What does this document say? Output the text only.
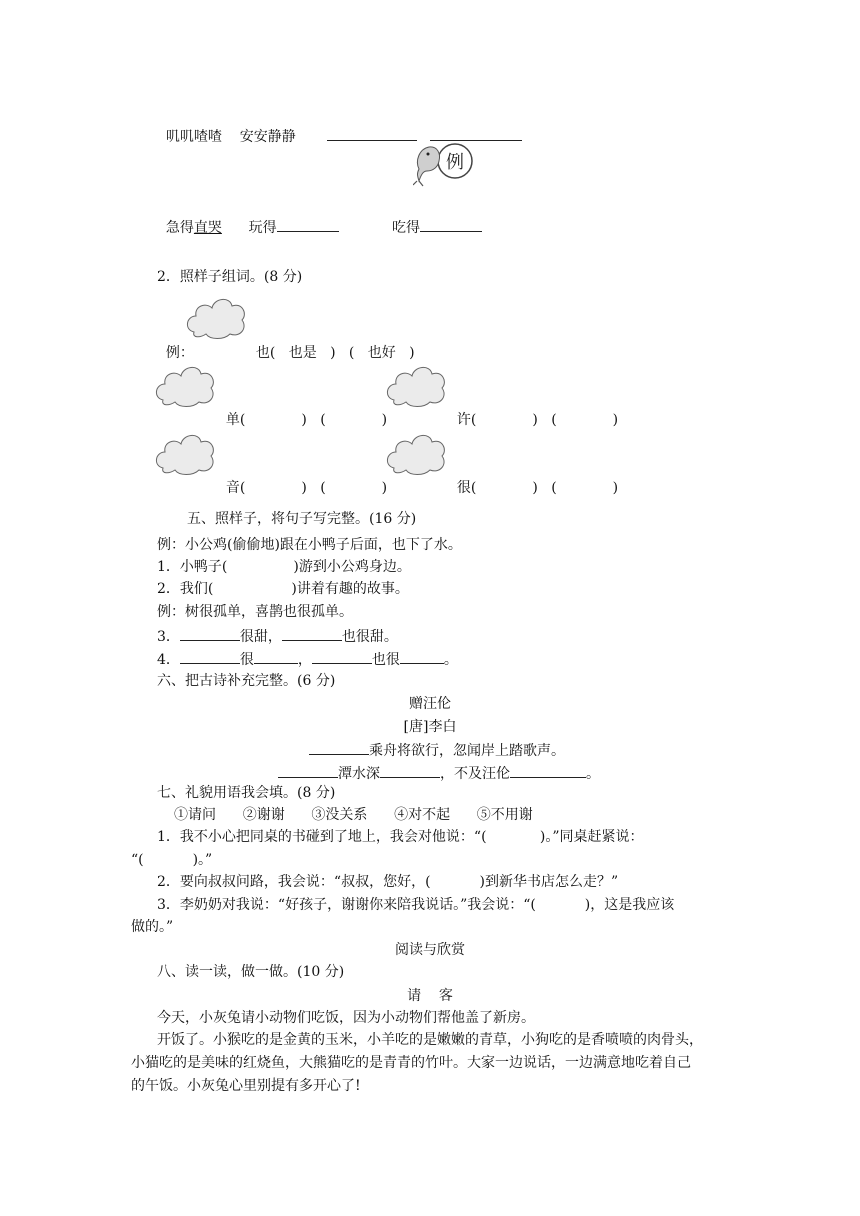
叽叽喳喳 安安静静

例

急得直哭 玩得	吃得

2．照样子组词。(8 分)

例：	也( 也是 )   ( 也好 )

单(	)   (	)	许(	)   (	)

音(	)   (	)	很(	)   (	)

五、照样子，将句子写完整。(16 分)
例：小公鸡(偷偷地)跟在小鸭子后面，也下了水。
1．小鸭子(	)游到小公鸡身边。
2．我们(	)讲着有趣的故事。
例：树很孤单，喜鹊也很孤单。
3．	很甜，	也很甜。
4．	很	，	也很	。
六、把古诗补充完整。(6 分)
赠汪伦
[唐]李白
乘舟将欲行，忽闻岸上踏歌声。
潭水深	，不及汪伦	。
七、礼貌用语我会填。(8 分)
①请问      ②谢谢      ③没关系      ④对不起      ⑤不用谢
1．我不小心把同桌的书碰到了地上，我会对他说：“(            )。”同桌赶紧说：
“(           )。”
2．要向叔叔问路，我会说：“叔叔，您好，(           )到新华书店怎么走？”
3．李奶奶对我说：“好孩子，谢谢你来陪我说话。”我会说：“(           )，这是我应该
做的。”
阅读与欣赏
八、读一读，做一做。(10 分)
请    客
今天，小灰兔请小动物们吃饭，因为小动物们帮他盖了新房。
开饭了。小猴吃的是金黄的玉米，小羊吃的是嫩嫩的青草，小狗吃的是香喷喷的肉骨头，
小猫吃的是美味的红烧鱼，大熊猫吃的是青青的竹叶。大家一边说话，一边满意地吃着自己
的午饭。小灰兔心里别提有多开心了!
